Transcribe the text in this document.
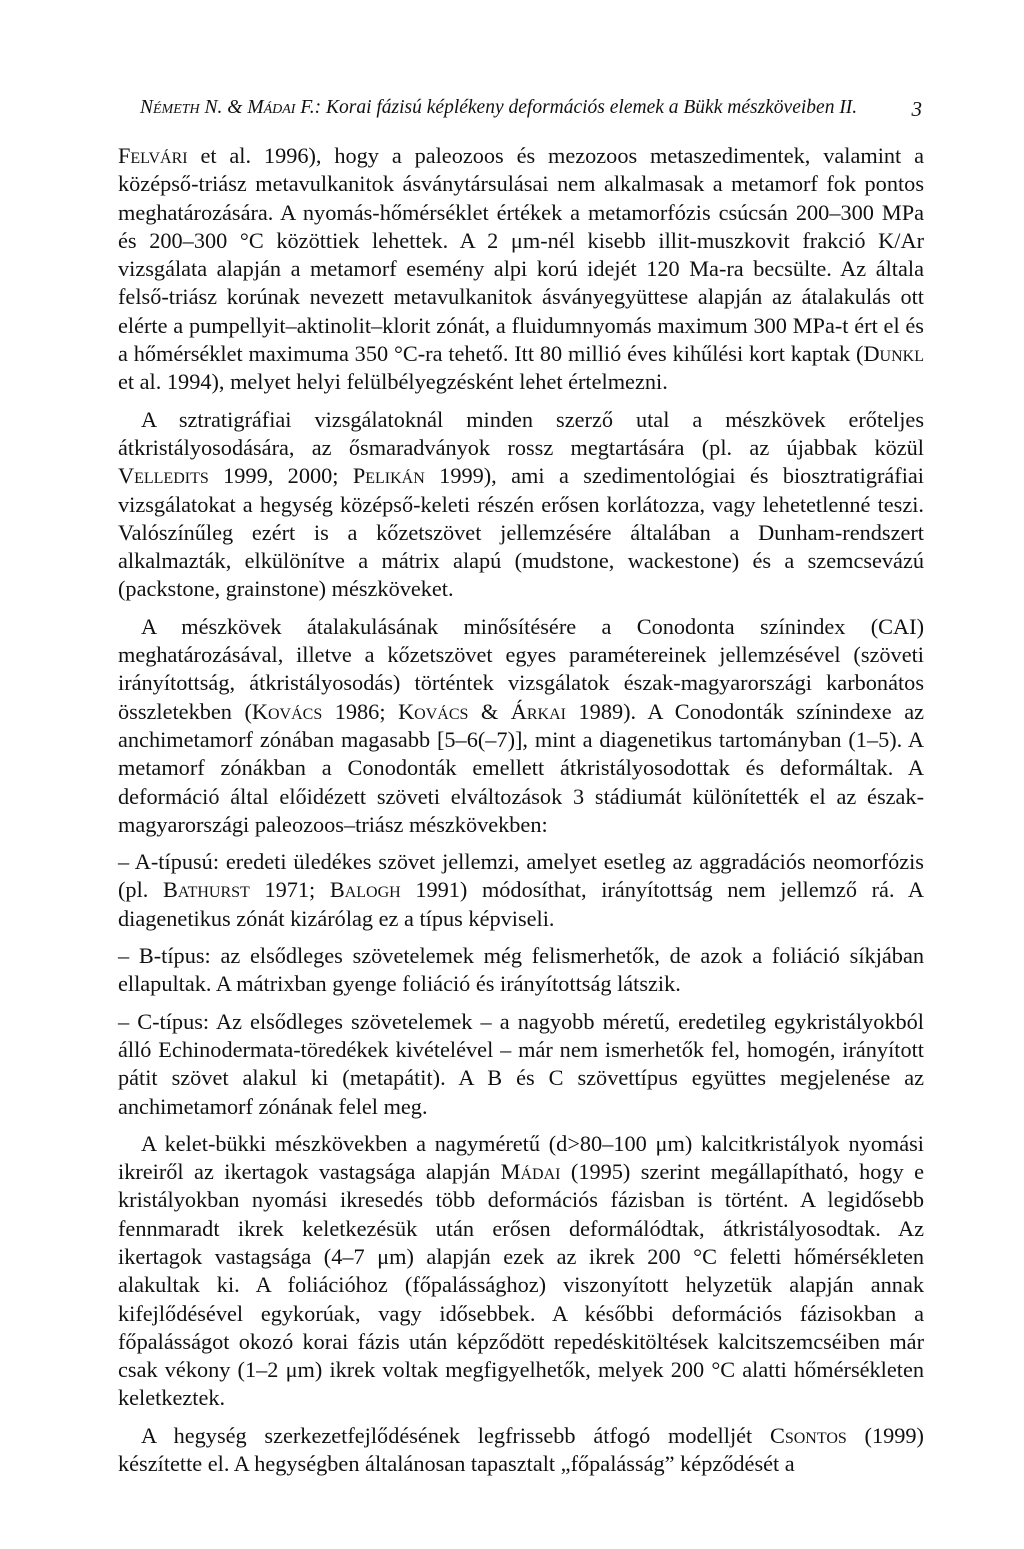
Németh N. & Mádai F.: Korai fázisú képlékeny deformációs elemek a Bükk mészköveiben II.	3

Felvári et al. 1996), hogy a paleozoos és mezozoos metaszedimentek, valamint a középső-triász metavulkanitok ásványtársulásai nem alkalmasak a metamorf fok pontos meghatározására. A nyomás-hőmérséklet értékek a metamorfózis csúcsán 200–300 MPa és 200–300 °C közöttiek lehettek. A 2 μm-nél kisebb illit-muszkovit frakció K/Ar vizsgálata alapján a metamorf esemény alpi korú idejét 120 Ma-ra becsülte. Az általa felső-triász korúnak nevezett metavulkanitok ásványegyüttese alapján az átalakulás ott elérte a pumpellyit–aktinolit–klorit zónát, a fluidumnyomás maximum 300 MPa-t ért el és a hőmérséklet maximuma 350 °C-ra tehető. Itt 80 millió éves kihűlési kort kaptak (Dunkl et al. 1994), melyet helyi felülbélyegzésként lehet értelmezni.

A sztratigráfiai vizsgálatoknál minden szerző utal a mészkövek erőteljes átkristályosodására, az ősmaradványok rossz megtartására (pl. az újabbak közül Velledits 1999, 2000; Pelikán 1999), ami a szedimentológiai és biosztratigráfiai vizsgálatokat a hegység középső-keleti részén erősen korlátozza, vagy lehetetlenné teszi. Valószínűleg ezért is a kőzetszövet jellemzésére általában a Dunham-rendszert alkalmazták, elkülönítve a mátrix alapú (mudstone, wackestone) és a szemcsevázú (packstone, grainstone) mészköveket.

A mészkövek átalakulásának minősítésére a Conodonta színindex (CAI) meghatározásával, illetve a kőzetszövet egyes paramétereinek jellemzésével (szöveti irányítottság, átkristályosodás) történtek vizsgálatok észak-magyarországi karbonátos összletekben (Kovács 1986; Kovács & Árkai 1989). A Conodonták színindexe az anchimetamorf zónában magasabb [5–6(–7)], mint a diagenetikus tartományban (1–5). A metamorf zónákban a Conodonták emellett átkristályosodottak és deformáltak. A deformáció által előidézett szöveti elváltozások 3 stádiumát különítették el az észak-magyarországi paleozoos–triász mészkövekben:

– A-típusú: eredeti üledékes szövet jellemzi, amelyet esetleg az aggradációs neomorfózis (pl. Bathurst 1971; Balogh 1991) módosíthat, irányítottság nem jellemző rá. A diagenetikus zónát kizárólag ez a típus képviseli.

– B-típus: az elsődleges szövetelemek még felismerhetők, de azok a foliáció síkjában ellapultak. A mátrixban gyenge foliáció és irányítottság látszik.

– C-típus: Az elsődleges szövetelemek – a nagyobb méretű, eredetileg egykristályokból álló Echinodermata-töredékek kivételével – már nem ismerhetők fel, homogén, irányított pátit szövet alakul ki (metapátit). A B és C szövettípus együttes megjelenése az anchimetamorf zónának felel meg.

A kelet-bükki mészkövekben a nagyméretű (d>80–100 μm) kalcitkristályok nyomási ikreiről az ikertagok vastagsága alapján Mádai (1995) szerint megállapítható, hogy e kristályokban nyomási ikresedés több deformációs fázisban is történt. A legidősebb fennmaradt ikrek keletkezésük után erősen deformálódtak, átkristályosodtak. Az ikertagok vastagsága (4–7 μm) alapján ezek az ikrek 200 °C feletti hőmérsékleten alakultak ki. A foliációhoz (főpalássághoz) viszonyított helyzetük alapján annak kifejlődésével egykorúak, vagy idősebbek. A későbbi deformációs fázisokban a főpalásságot okozó korai fázis után képződött repedéskitöltések kalcitszemcséiben már csak vékony (1–2 μm) ikrek voltak megfigyelhetők, melyek 200 °C alatti hőmérsékleten keletkeztek.

A hegység szerkezetfejlődésének legfrissebb átfogó modelljét Csontos (1999) készítette el. A hegységben általánosan tapasztalt „főpalásság” képződését a
